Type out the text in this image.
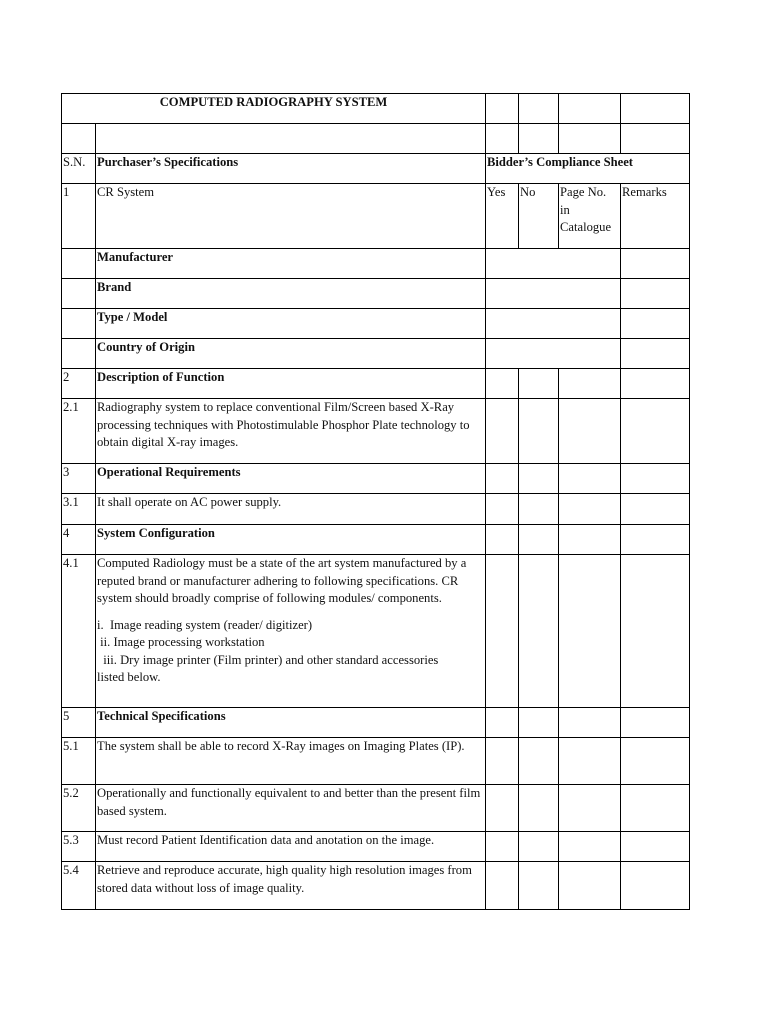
COMPUTED RADIOGRAPHY SYSTEM					

S.N.	Purchaser’s Specifications	Bidder’s Compliance Sheet			
1	CR System	Yes	No	Page No. in Catalogue	Remarks
	Manufacturer				
	Brand				
	Type / Model				
	Country of Origin				
2	Description of Function				
2.1	Radiography system to replace conventional Film/Screen based X-Ray processing techniques with Photostimulable Phosphor Plate technology to obtain digital X-ray images.				
3	Operational Requirements				
3.1	It shall operate on AC power supply.				
4	System Configuration				
4.1	Computed Radiology must be a state of the art system manufactured by a reputed brand or manufacturer adhering to following specifications. CR system should broadly comprise of following modules/ components.
i.  Image reading system (reader/ digitizer)
ii. Image processing workstation
iii. Dry image printer (Film printer) and other standard accessories
listed below.				

5	Technical Specifications				
5.1	The system shall be able to record X-Ray images on Imaging Plates (IP).				
5.2	Operationally and functionally equivalent to and better than the present film based system.				
5.3	Must record Patient Identification data and anotation on the image.				
5.4	Retrieve and reproduce accurate, high quality high resolution images from stored data without loss of image quality.				
